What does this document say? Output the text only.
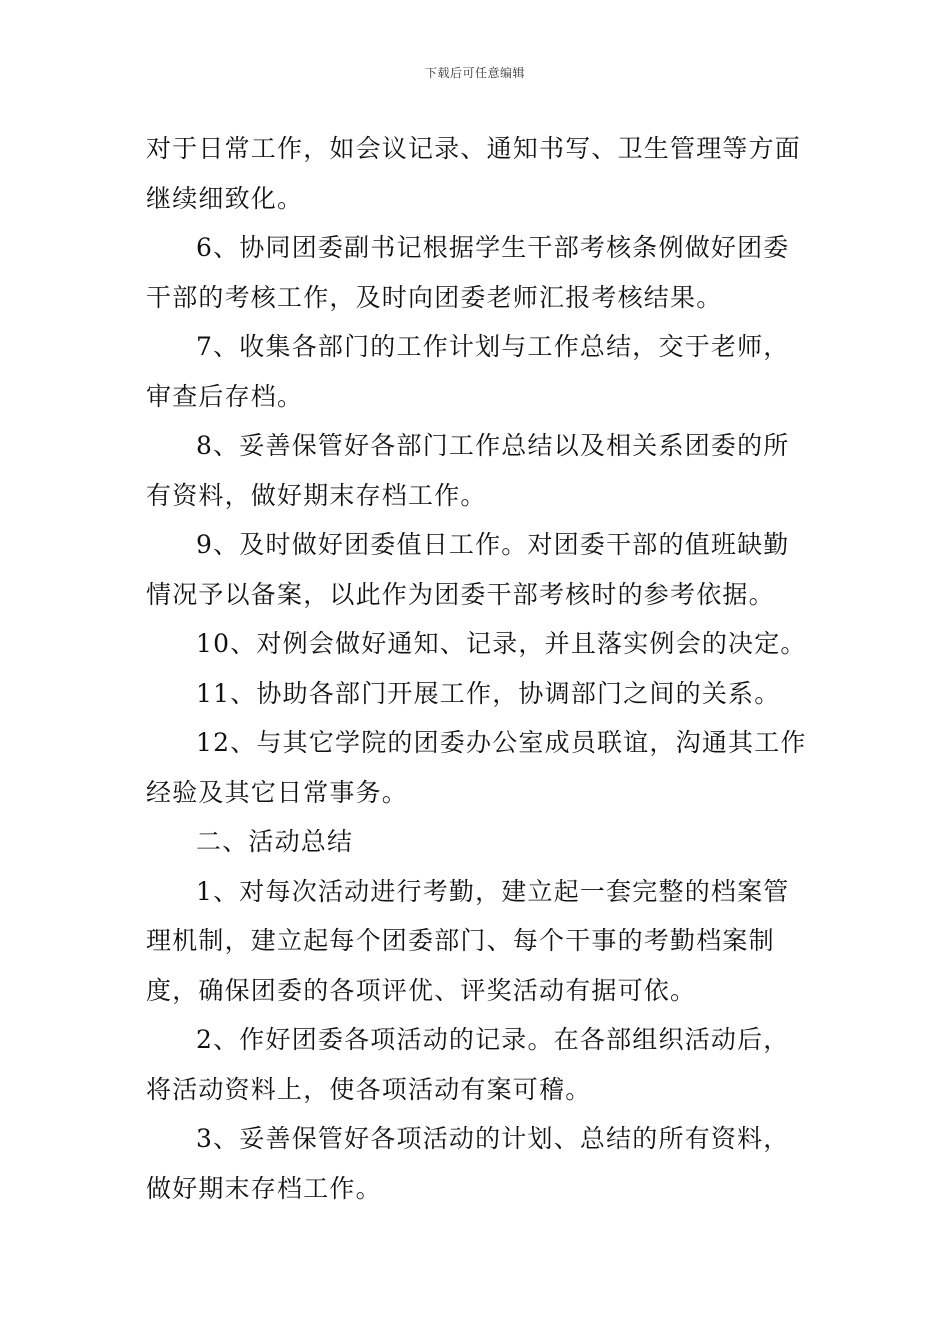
下载后可任意编辑

对于日常工作，如会议记录、通知书写、卫生管理等方面继续细致化。

6、协同团委副书记根据学生干部考核条例做好团委干部的考核工作，及时向团委老师汇报考核结果。

7、收集各部门的工作计划与工作总结，交于老师，审查后存档。

8、妥善保管好各部门工作总结以及相关系团委的所有资料，做好期末存档工作。

9、及时做好团委值日工作。对团委干部的值班缺勤情况予以备案，以此作为团委干部考核时的参考依据。

10、对例会做好通知、记录，并且落实例会的决定。

11、协助各部门开展工作，协调部门之间的关系。

12、与其它学院的团委办公室成员联谊，沟通其工作经验及其它日常事务。

二、活动总结

1、对每次活动进行考勤，建立起一套完整的档案管理机制，建立起每个团委部门、每个干事的考勤档案制度，确保团委的各项评优、评奖活动有据可依。

2、作好团委各项活动的记录。在各部组织活动后，将活动资料上，使各项活动有案可稽。

3、妥善保管好各项活动的计划、总结的所有资料，做好期末存档工作。
